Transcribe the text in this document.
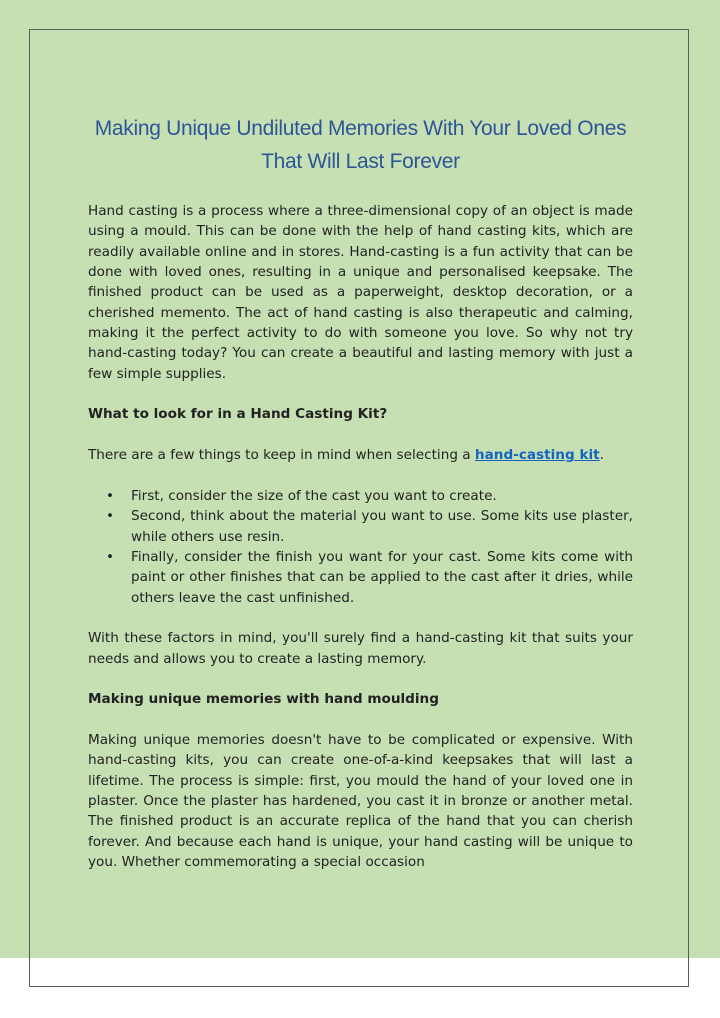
Making Unique Undiluted Memories With Your Loved Ones That Will Last Forever

Hand casting is a process where a three-dimensional copy of an object is made using a mould. This can be done with the help of hand casting kits, which are readily available online and in stores. Hand-casting is a fun activity that can be done with loved ones, resulting in a unique and personalised keepsake. The finished product can be used as a paperweight, desktop decoration, or a cherished memento. The act of hand casting is also therapeutic and calming, making it the perfect activity to do with someone you love. So why not try hand-casting today? You can create a beautiful and lasting memory with just a few simple supplies.

What to look for in a Hand Casting Kit?

There are a few things to keep in mind when selecting a hand-casting kit.

• First, consider the size of the cast you want to create.
• Second, think about the material you want to use. Some kits use plaster, while others use resin.
• Finally, consider the finish you want for your cast. Some kits come with paint or other finishes that can be applied to the cast after it dries, while others leave the cast unfinished.

With these factors in mind, you'll surely find a hand-casting kit that suits your needs and allows you to create a lasting memory.

Making unique memories with hand moulding

Making unique memories doesn't have to be complicated or expensive. With hand-casting kits, you can create one-of-a-kind keepsakes that will last a lifetime. The process is simple: first, you mould the hand of your loved one in plaster. Once the plaster has hardened, you cast it in bronze or another metal. The finished product is an accurate replica of the hand that you can cherish forever. And because each hand is unique, your hand casting will be unique to you. Whether commemorating a special occasion
